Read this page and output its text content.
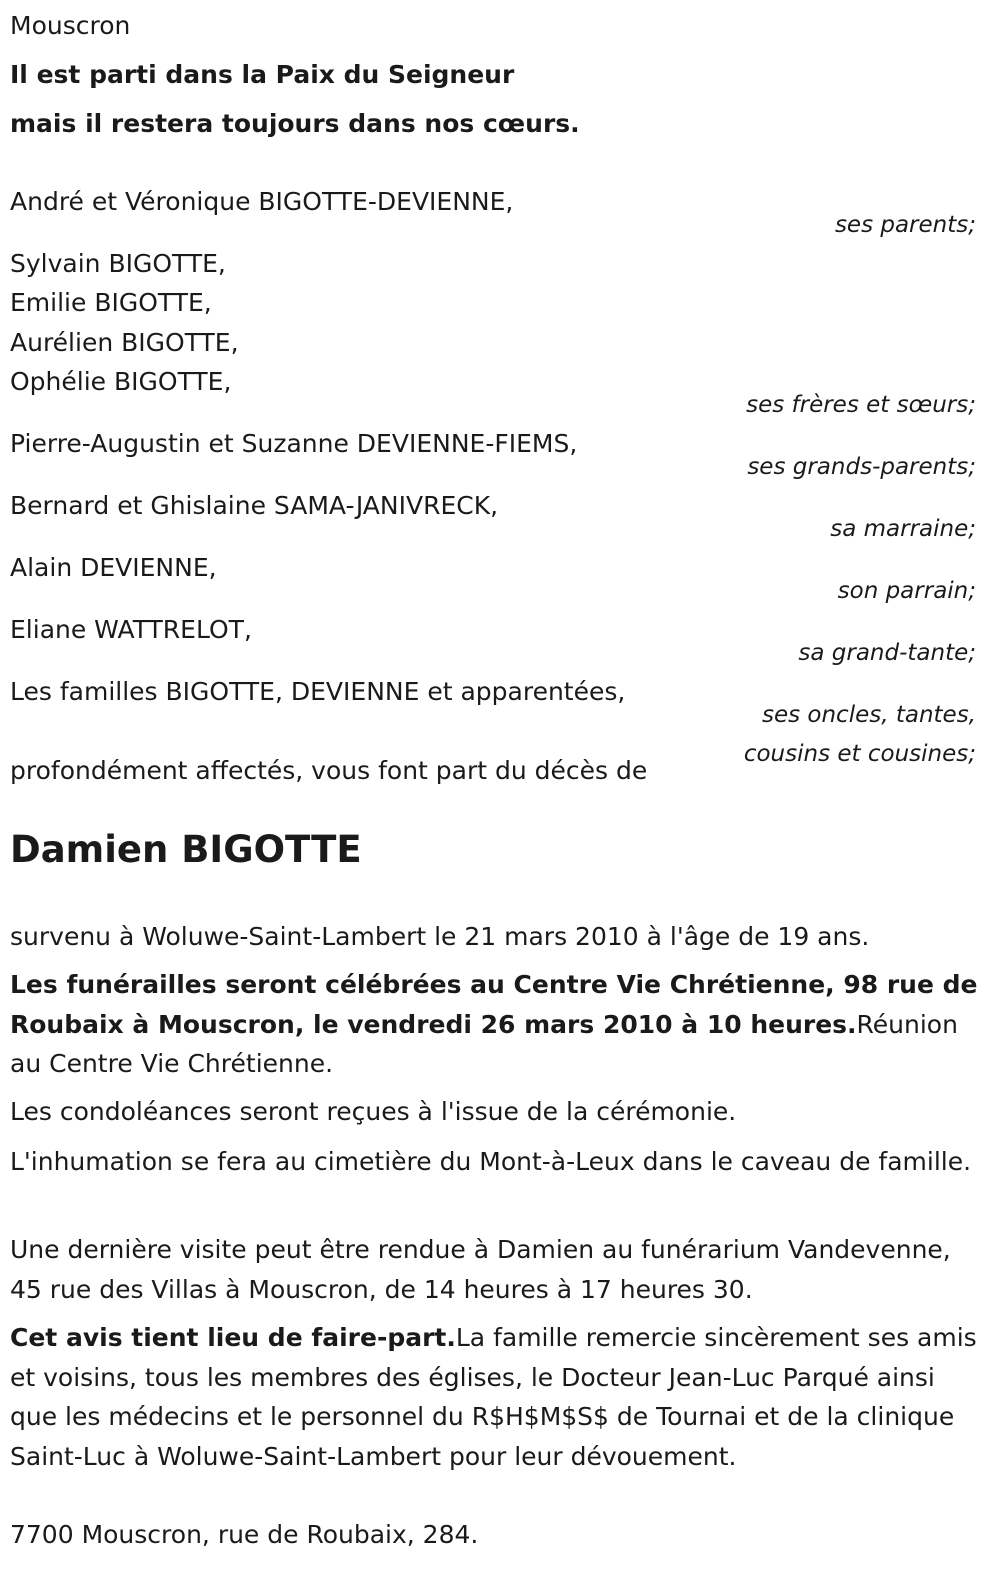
Mouscron

Il est parti dans la Paix du Seigneur

mais il restera toujours dans nos cœurs.

André et Véronique BIGOTTE-DEVIENNE,

ses parents;

Sylvain BIGOTTE,

Emilie BIGOTTE,

Aurélien BIGOTTE,

Ophélie BIGOTTE,

ses frères et sœurs;

Pierre-Augustin et Suzanne DEVIENNE-FIEMS,

ses grands-parents;

Bernard et Ghislaine SAMA-JANIVRECK,

sa marraine;

Alain DEVIENNE,

son parrain;

Eliane WATTRELOT,

sa grand-tante;

Les familles BIGOTTE, DEVIENNE et apparentées,

ses oncles, tantes,
cousins et cousines;

profondément affectés, vous font part du décès de

Damien BIGOTTE

survenu à Woluwe-Saint-Lambert le 21 mars 2010 à l'âge de 19 ans.

Les funérailles seront célébrées au Centre Vie Chrétienne, 98 rue de Roubaix à Mouscron, le vendredi 26 mars 2010 à 10 heures.Réunion au Centre Vie Chrétienne.

Les condoléances seront reçues à l'issue de la cérémonie.

L'inhumation se fera au cimetière du Mont-à-Leux dans le caveau de famille.

Une dernière visite peut être rendue à Damien au funérarium Vandevenne, 45 rue des Villas à Mouscron, de 14 heures à 17 heures 30.

Cet avis tient lieu de faire-part.La famille remercie sincèrement ses amis et voisins, tous les membres des églises, le Docteur Jean-Luc Parqué ainsi que les médecins et le personnel du R$H$M$S$ de Tournai et de la clinique Saint-Luc à Woluwe-Saint-Lambert pour leur dévouement.

7700 Mouscron, rue de Roubaix, 284.
